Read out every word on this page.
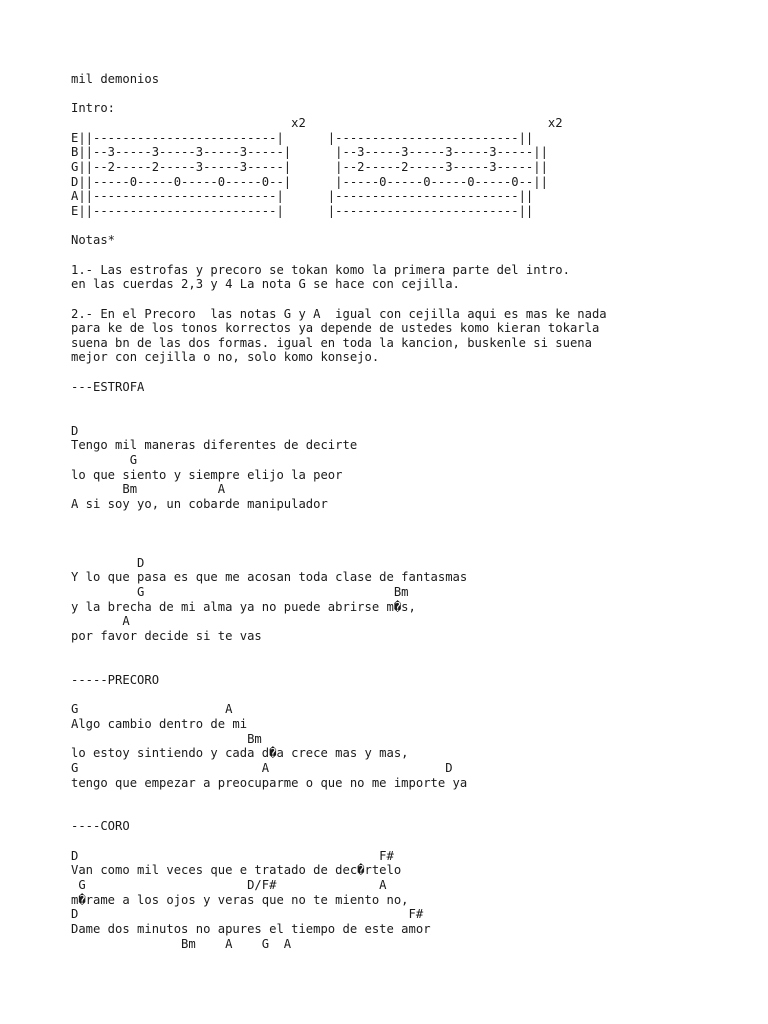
mil demonios

Intro:
x2                                 x2
E||-------------------------|      |-------------------------||
B||--3-----3-----3-----3-----|      |--3-----3-----3-----3-----||
G||--2-----2-----3-----3-----|      |--2-----2-----3-----3-----||
D||-----0-----0-----0-----0--|      |-----0-----0-----0-----0--||
A||-------------------------|      |-------------------------||
E||-------------------------|      |-------------------------||

Notas*

1.- Las estrofas y precoro se tokan komo la primera parte del intro.
en las cuerdas 2,3 y 4 La nota G se hace con cejilla.

2.- En el Precoro  las notas G y A  igual con cejilla aqui es mas ke nada
para ke de los tonos korrectos ya depende de ustedes komo kieran tokarla
suena bn de las dos formas. igual en toda la kancion, buskenle si suena
mejor con cejilla o no, solo komo konsejo.

---ESTROFA

D
Tengo mil maneras diferentes de decirte
G
lo que siento y siempre elijo la peor
Bm           A
A si soy yo, un cobarde manipulador

D
Y lo que pasa es que me acosan toda clase de fantasmas
G                                  Bm
y la brecha de mi alma ya no puede abrirse m�s,
A
por favor decide si te vas

-----PRECORO

G                    A
Algo cambio dentro de mi
Bm
lo estoy sintiendo y cada d�a crece mas y mas,
G                         A                        D
tengo que empezar a preocuparme o que no me importe ya

----CORO

D                                         F#
Van como mil veces que e tratado de dec�rtelo
G                      D/F#              A
m�rame a los ojos y veras que no te miento no,
D                                             F#
Dame dos minutos no apures el tiempo de este amor
Bm    A    G  A
